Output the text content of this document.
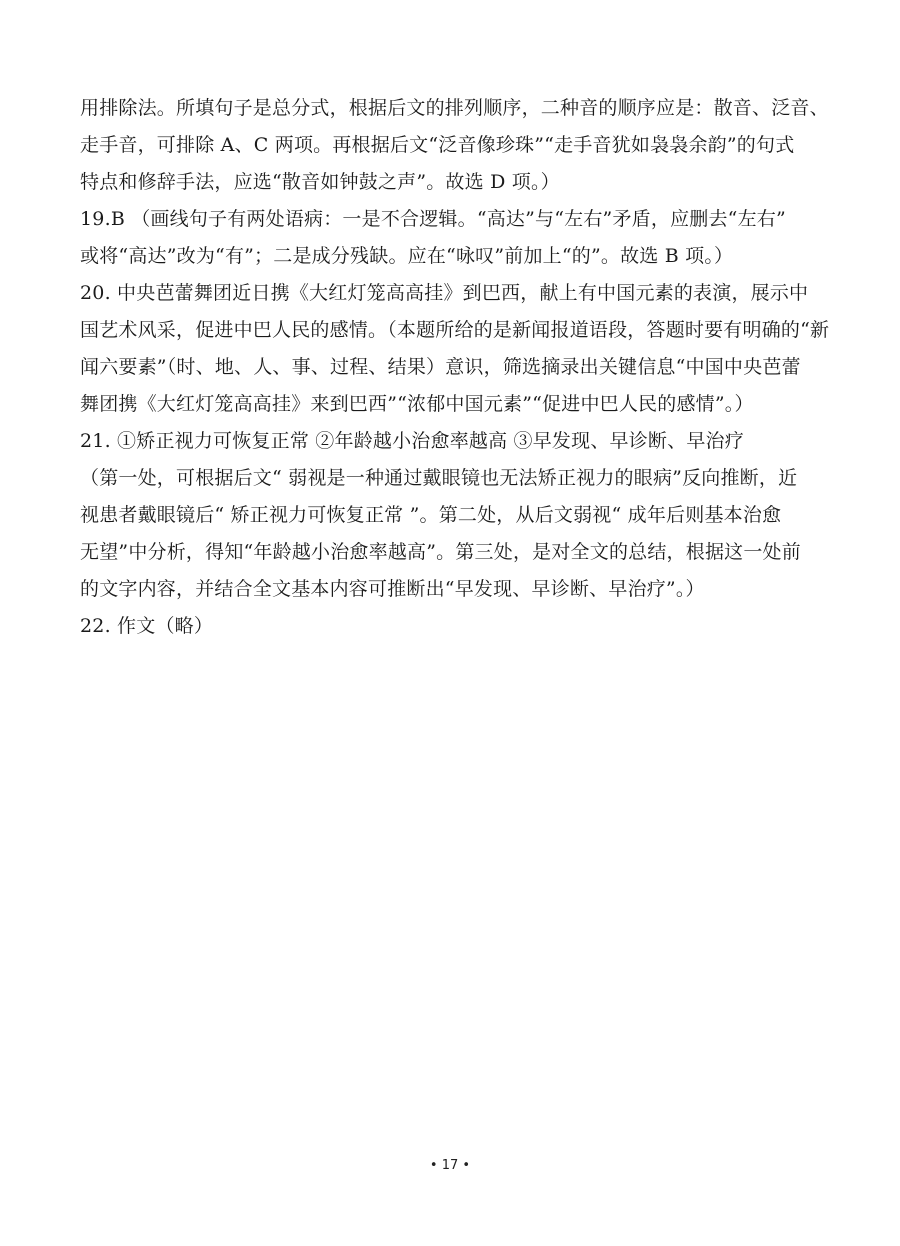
用排除法。所填句子是总分式，根据后文的排列顺序，二种音的顺序应是：散音、泛音、
走手音，可排除 A、C 两项。再根据后文“泛音像珍珠”“走手音犹如袅袅余韵”的句式
特点和修辞手法，应选“散音如钟鼓之声”。故选 D 项。）
19.B （画线句子有两处语病：一是不合逻辑。“高达”与“左右”矛盾，应删去“左右”
或将“高达”改为“有”；二是成分残缺。应在“咏叹”前加上“的”。故选 B 项。）
20. 中央芭蕾舞团近日携《大红灯笼高高挂》到巴西，献上有中国元素的表演，展示中
国艺术风采，促进中巴人民的感情。（本题所给的是新闻报道语段，答题时要有明确的“新
闻六要素”（时、地、人、事、过程、结果）意识，筛选摘录出关键信息“中国中央芭蕾
舞团携《大红灯笼高高挂》来到巴西”“浓郁中国元素”“促进中巴人民的感情”。）
21. ①矫正视力可恢复正常 ②年龄越小治愈率越高 ③早发现、早诊断、早治疗
（第一处，可根据后文“ 弱视是一种通过戴眼镜也无法矫正视力的眼病”反向推断，近
视患者戴眼镜后“ 矫正视力可恢复正常 ”。第二处，从后文弱视“ 成年后则基本治愈
无望”中分析，得知“年龄越小治愈率越高”。第三处，是对全文的总结，根据这一处前
的文字内容，并结合全文基本内容可推断出“早发现、早诊断、早治疗”。）
22. 作文（略）
• 17 •
